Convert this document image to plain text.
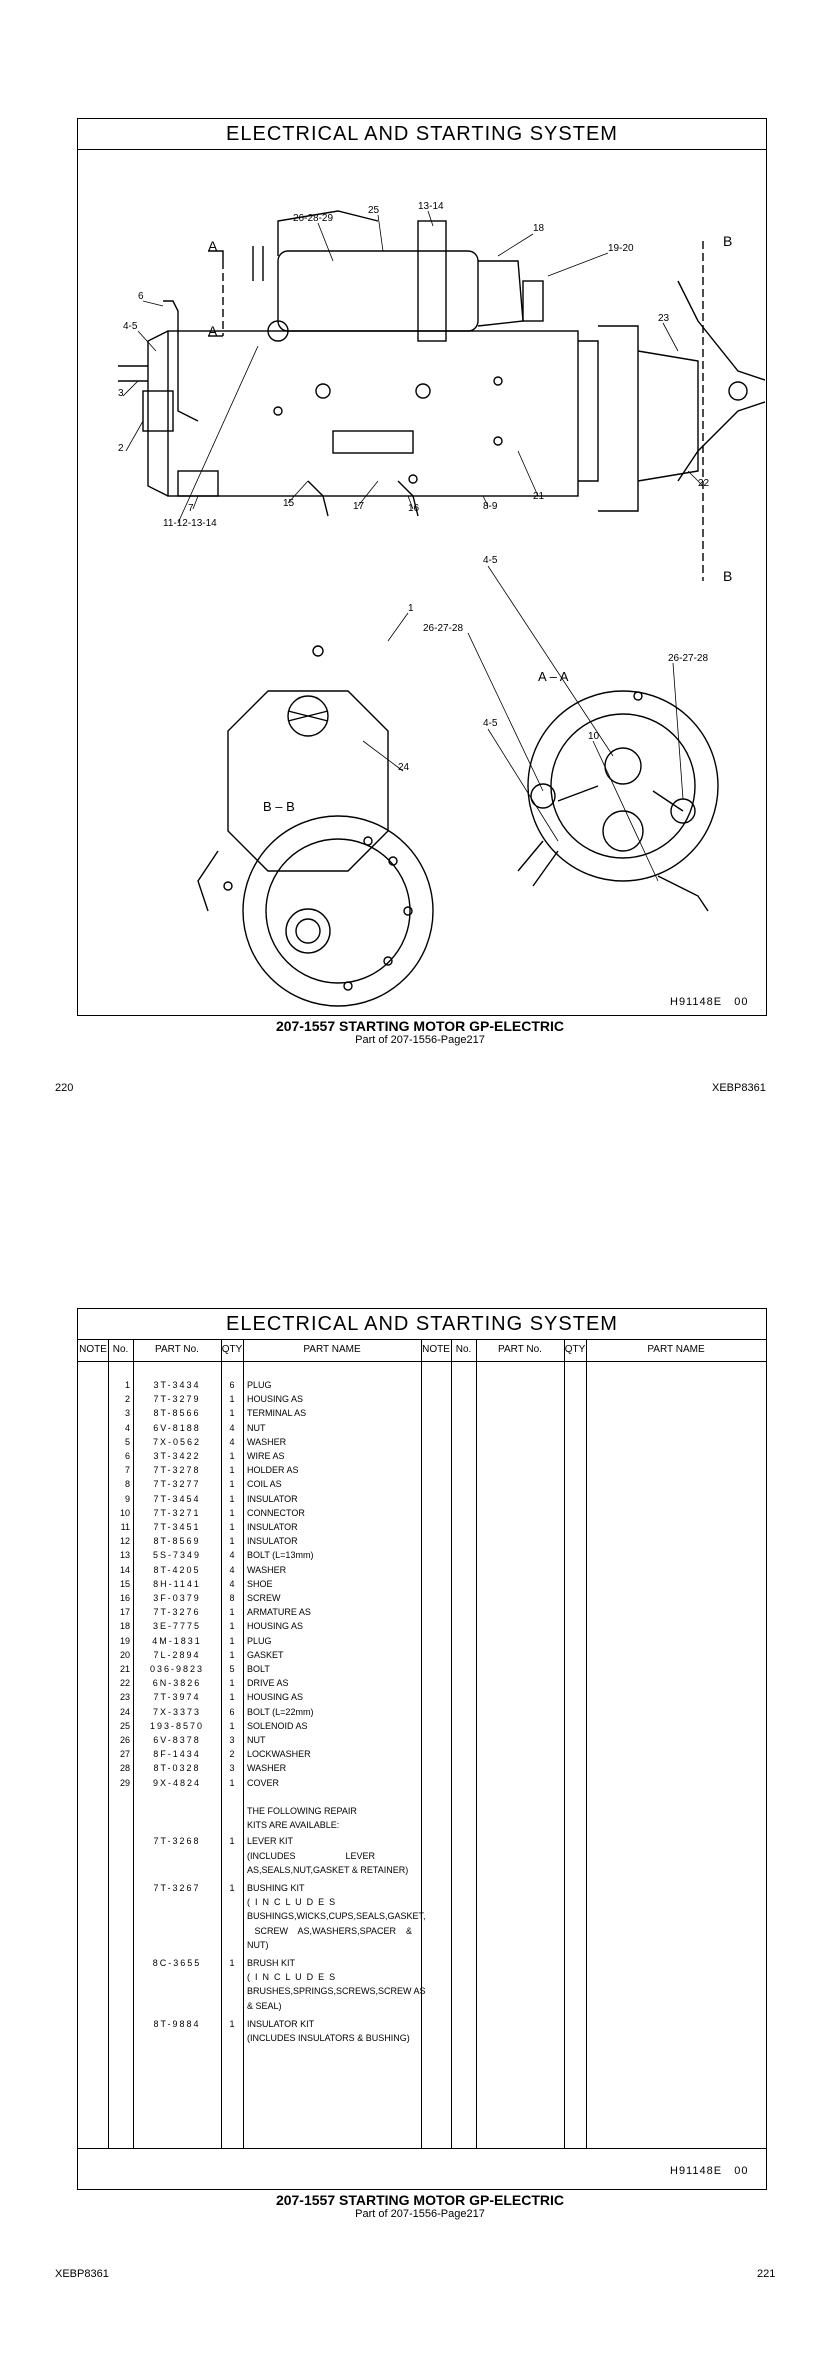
ELECTRICAL AND STARTING SYSTEM
26-28-29
25	13-14
18
19-20
6
4-5
3
23
2
22
7
11-12-13-14
15	17	16	8-9
21
4-5
26-27-28
26-27-28
4-5
10
1
24
A
A
B
B
A – A
B – B
H91148E 00
207-1557 STARTING MOTOR GP-ELECTRIC
Part of 207-1556-Page217
220	XEBP8361
ELECTRICAL AND STARTING SYSTEM
NOTE No.	PART No.	QTY	PART NAME	NOTE No.	PART No.	QTY	PART NAME
1	3T-3434	6	PLUG
2	7T-3279	1	HOUSING AS
3	8T-8566	1	TERMINAL AS
4	6V-8188	4	NUT
5	7X-0562	4	WASHER
6	3T-3422	1	WIRE AS
7	7T-3278	1	HOLDER AS
8	7T-3277	1	COIL AS
9	7T-3454	1	INSULATOR
10	7T-3271	1	CONNECTOR
11	7T-3451	1	INSULATOR
12	8T-8569	1	INSULATOR
13	5S-7349	4	BOLT (L=13mm)
14	8T-4205	4	WASHER
15	8H-1141	4	SHOE
16	3F-0379	8	SCREW
17	7T-3276	1	ARMATURE AS
18	3E-7775	1	HOUSING AS
19	4M-1831	1	PLUG
20	7L-2894	1	GASKET
21	036-9823	5	BOLT
22	6N-3826	1	DRIVE AS
23	7T-3974	1	HOUSING AS
24	7X-3373	6	BOLT (L=22mm)
25	193-8570	1	SOLENOID AS
26	6V-8378	3	NUT
27	8F-1434	2	LOCKWASHER
28	8T-0328	3	WASHER
29	9X-4824	1	COVER
THE FOLLOWING REPAIR
KITS ARE AVAILABLE:
7T-3268	1	LEVER KIT
(INCLUDES                    LEVER
AS,SEALS,NUT,GASKET & RETAINER)
7T-3267	1	BUSHING KIT
(  I  N  C  L  U  D  E  S
BUSHINGS,WICKS,CUPS,SEALS,GASKET,
SCREW    AS,WASHERS,SPACER    &
NUT)
8C-3655	1	BRUSH KIT
(  I  N  C  L  U  D  E  S
BRUSHES,SPRINGS,SCREWS,SCREW AS
& SEAL)
8T-9884	1	INSULATOR KIT
(INCLUDES INSULATORS & BUSHING)
H91148E 00
207-1557 STARTING MOTOR GP-ELECTRIC
Part of 207-1556-Page217
XEBP8361	221
